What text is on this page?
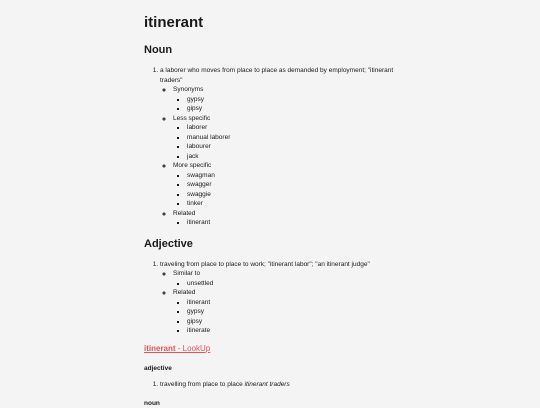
itinerant
Noun
1. a laborer who moves from place to place as demanded by employment; "itinerant traders"
◦ Synonyms
▪ gypsy
▪ gipsy
◦ Less specific
▪ laborer
▪ manual laborer
▪ labourer
▪ jack
◦ More specific
▪ swagman
▪ swagger
▪ swaggie
▪ tinker
◦ Related
▪ itinerant
Adjective
1. traveling from place to place to work; "itinerant labor"; "an itinerant judge"
◦ Similar to
▪ unsettled
◦ Related
▪ itinerant
▪ gypsy
▪ gipsy
▪ itinerate
itinerant - LookUp
adjective
1. travelling from place to place itinerant traders
noun
